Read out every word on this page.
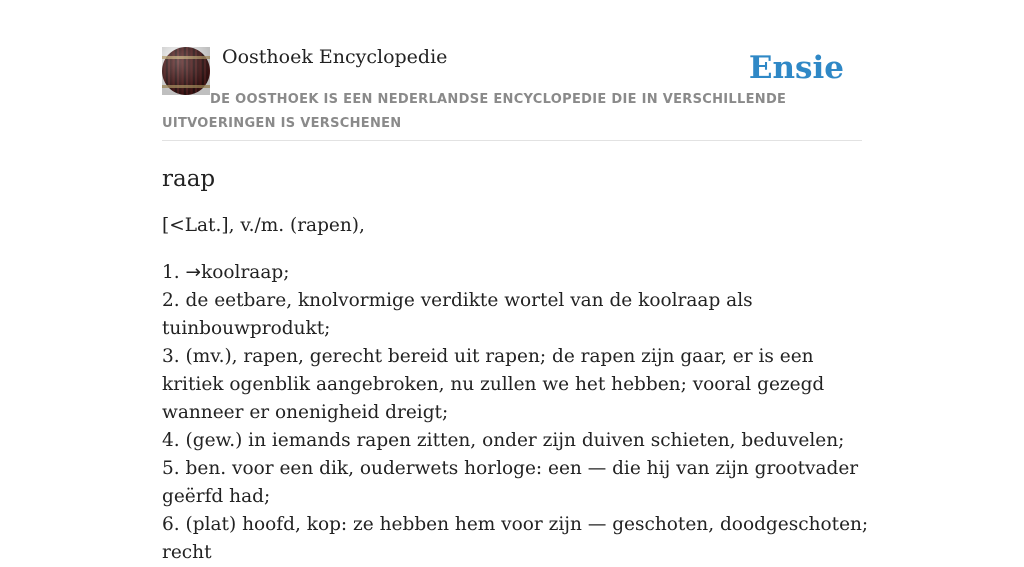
Oosthoek Encyclopedie	Ensie
DE OOSTHOEK IS EEN NEDERLANDSE ENCYCLOPEDIE DIE IN VERSCHILLENDE UITVOERINGEN IS VERSCHENEN
raap

[<Lat.], v./m. (rapen),

1. →koolraap;
2. de eetbare, knolvormige verdikte wortel van de koolraap als tuinbouwprodukt;
3. (mv.), rapen, gerecht bereid uit rapen; de rapen zijn gaar, er is een kritiek ogenblik aangebroken, nu zullen we het hebben; vooral gezegd wanneer er onenigheid dreigt;
4. (gew.) in iemands rapen zitten, onder zijn duiven schieten, beduvelen;
5. ben. voor een dik, ouderwets horloge: een — die hij van zijn grootvader geërfd had;
6. (plat) hoofd, kop: ze hebben hem voor zijn — geschoten, doodgeschoten; recht
